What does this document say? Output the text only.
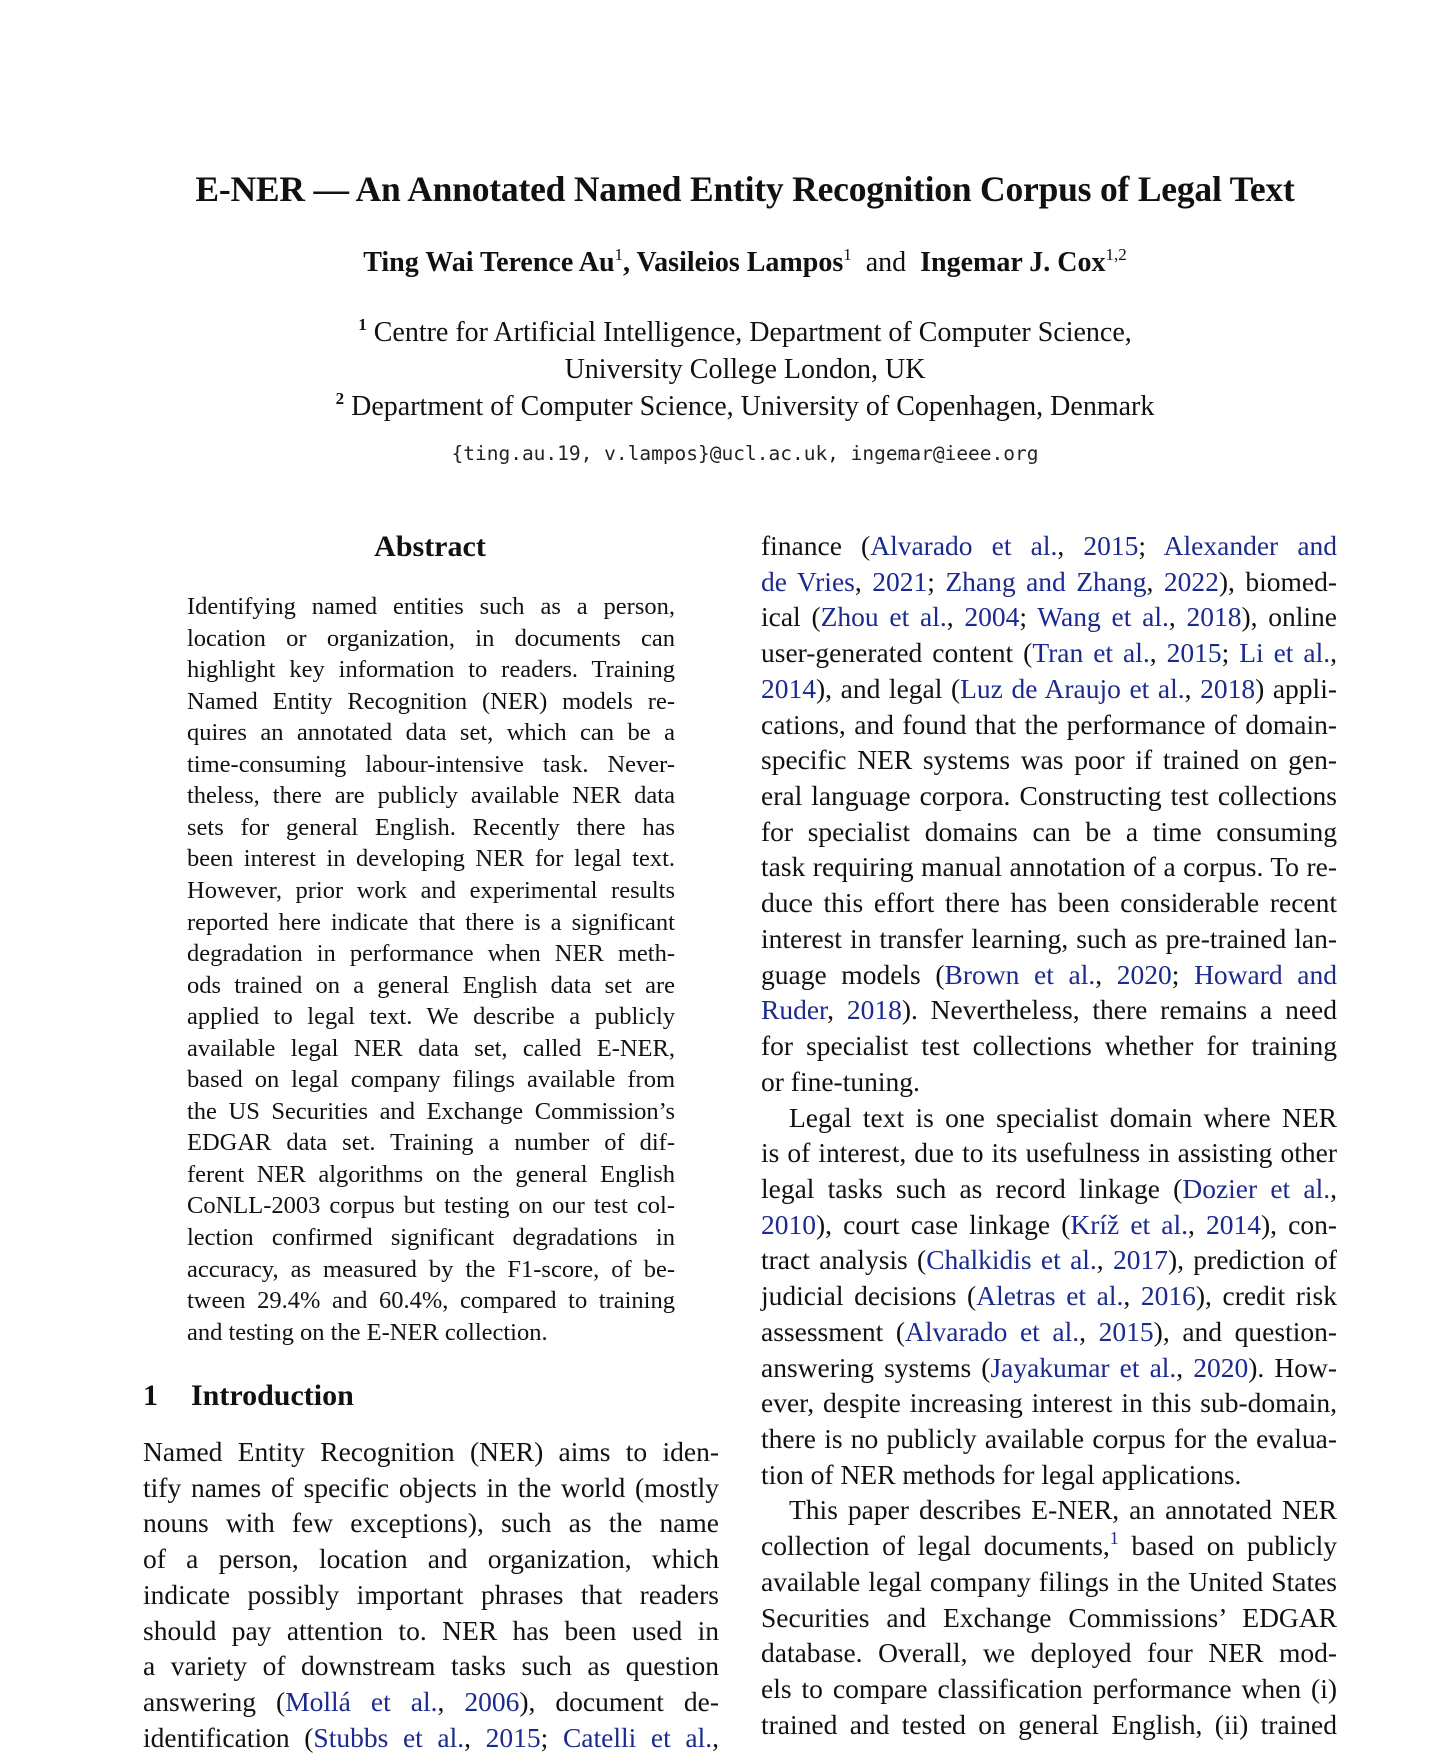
E-NER — An Annotated Named Entity Recognition Corpus of Legal Text
Ting Wai Terence Au$^1$, Vasileios Lampos$^1$ and Ingemar J. Cox$^{1,2}$
$^1$ Centre for Artificial Intelligence, Department of Computer Science,
University College London, UK
$^2$ Department of Computer Science, University of Copenhagen, Denmark
{ting.au.19, v.lampos}@ucl.ac.uk, ingemar@ieee.org
Abstract
Identifying named entities such as a person,
location or organization, in documents can
highlight key information to readers. Training
Named Entity Recognition (NER) models re-
quires an annotated data set, which can be a
time-consuming labour-intensive task. Never-
theless, there are publicly available NER data
sets for general English. Recently there has
been interest in developing NER for legal text.
However, prior work and experimental results
reported here indicate that there is a significant
degradation in performance when NER meth-
ods trained on a general English data set are
applied to legal text. We describe a publicly
available legal NER data set, called E-NER,
based on legal company filings available from
the US Securities and Exchange Commission’s
EDGAR data set. Training a number of dif-
ferent NER algorithms on the general English
CoNLL-2003 corpus but testing on our test col-
lection confirmed significant degradations in
accuracy, as measured by the F1-score, of be-
tween 29.4% and 60.4%, compared to training
and testing on the E-NER collection.
1 Introduction
Named Entity Recognition (NER) aims to iden-
tify names of specific objects in the world (mostly
nouns with few exceptions), such as the name
of a person, location and organization, which
indicate possibly important phrases that readers
should pay attention to. NER has been used in
a variety of downstream tasks such as question
answering (Mollá et al., 2006), document de-
identification (Stubbs et al., 2015; Catelli et al.,
finance (Alvarado et al., 2015; Alexander and
de Vries, 2021; Zhang and Zhang, 2022), biomed-
ical (Zhou et al., 2004; Wang et al., 2018), online
user-generated content (Tran et al., 2015; Li et al.,
2014), and legal (Luz de Araujo et al., 2018) appli-
cations, and found that the performance of domain-
specific NER systems was poor if trained on gen-
eral language corpora. Constructing test collections
for specialist domains can be a time consuming
task requiring manual annotation of a corpus. To re-
duce this effort there has been considerable recent
interest in transfer learning, such as pre-trained lan-
guage models (Brown et al., 2020; Howard and
Ruder, 2018). Nevertheless, there remains a need
for specialist test collections whether for training
or fine-tuning.
Legal text is one specialist domain where NER
is of interest, due to its usefulness in assisting other
legal tasks such as record linkage (Dozier et al.,
2010), court case linkage (Kríž et al., 2014), con-
tract analysis (Chalkidis et al., 2017), prediction of
judicial decisions (Aletras et al., 2016), credit risk
assessment (Alvarado et al., 2015), and question-
answering systems (Jayakumar et al., 2020). How-
ever, despite increasing interest in this sub-domain,
there is no publicly available corpus for the evalua-
tion of NER methods for legal applications.
This paper describes E-NER, an annotated NER
collection of legal documents,$^1$ based on publicly
available legal company filings in the United States
Securities and Exchange Commissions’ EDGAR
database. Overall, we deployed four NER mod-
els to compare classification performance when (i)
trained and tested on general English, (ii) trained
